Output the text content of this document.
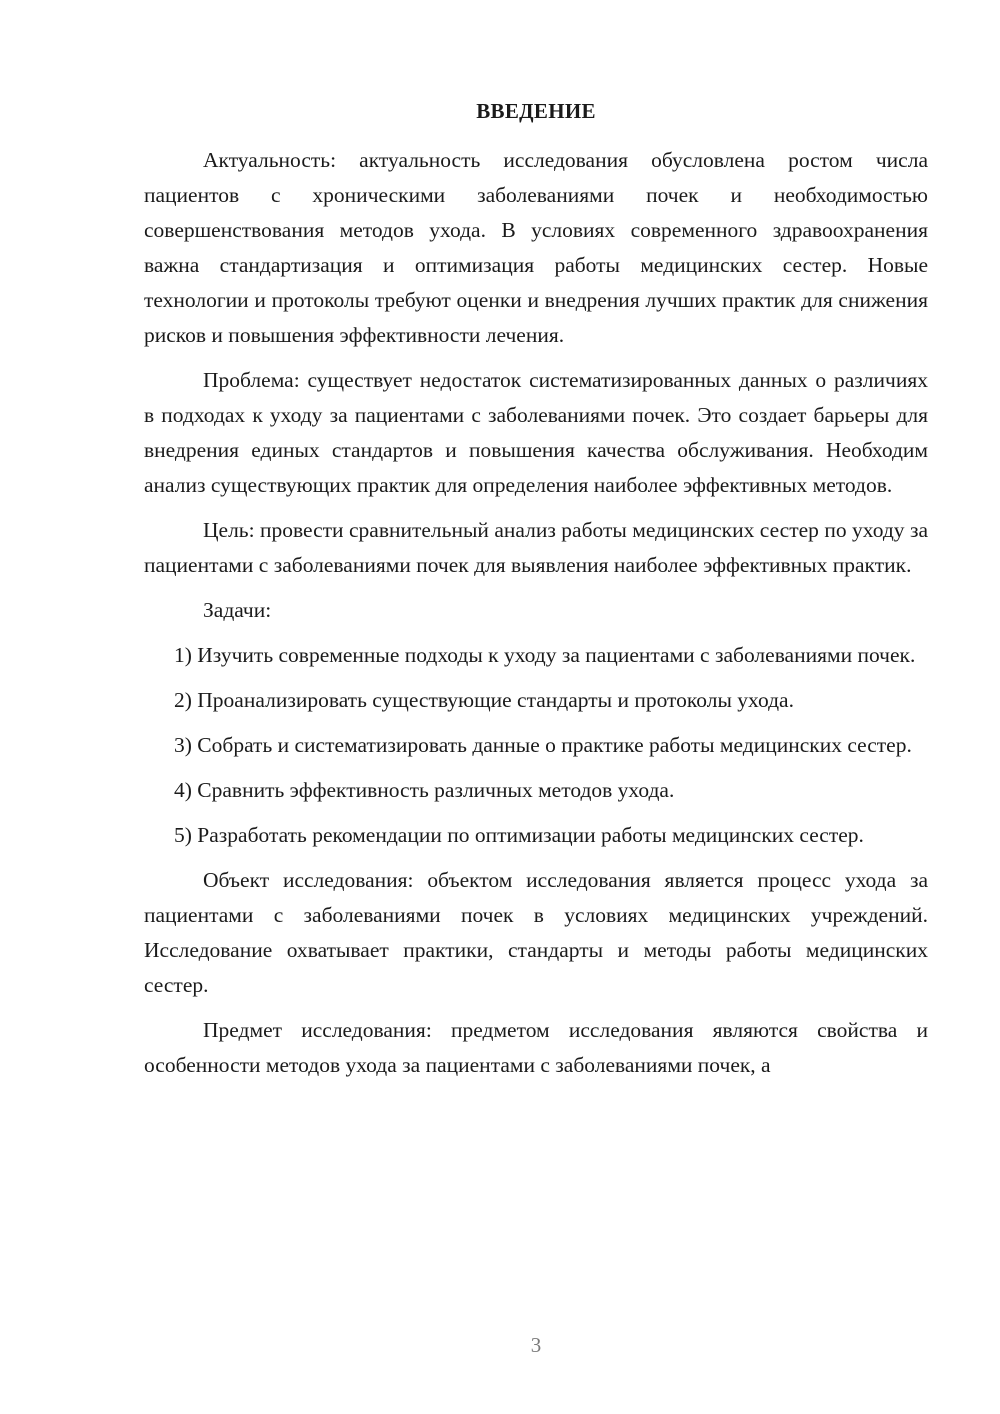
ВВЕДЕНИЕ

Актуальность: актуальность исследования обусловлена ростом числа пациентов с хроническими заболеваниями почек и необходимостью совершенствования методов ухода. В условиях современного здравоохранения важна стандартизация и оптимизация работы медицинских сестер. Новые технологии и протоколы требуют оценки и внедрения лучших практик для снижения рисков и повышения эффективности лечения.

Проблема: существует недостаток систематизированных данных о различиях в подходах к уходу за пациентами с заболеваниями почек. Это создает барьеры для внедрения единых стандартов и повышения качества обслуживания. Необходим анализ существующих практик для определения наиболее эффективных методов.

Цель: провести сравнительный анализ работы медицинских сестер по уходу за пациентами с заболеваниями почек для выявления наиболее эффективных практик.

Задачи:

1) Изучить современные подходы к уходу за пациентами с заболеваниями почек.

2) Проанализировать существующие стандарты и протоколы ухода.

3) Собрать и систематизировать данные о практике работы медицинских сестер.

4) Сравнить эффективность различных методов ухода.

5) Разработать рекомендации по оптимизации работы медицинских сестер.

Объект исследования: объектом исследования является процесс ухода за пациентами с заболеваниями почек в условиях медицинских учреждений. Исследование охватывает практики, стандарты и методы работы медицинских сестер.

Предмет исследования: предметом исследования являются свойства и особенности методов ухода за пациентами с заболеваниями почек, а

3
